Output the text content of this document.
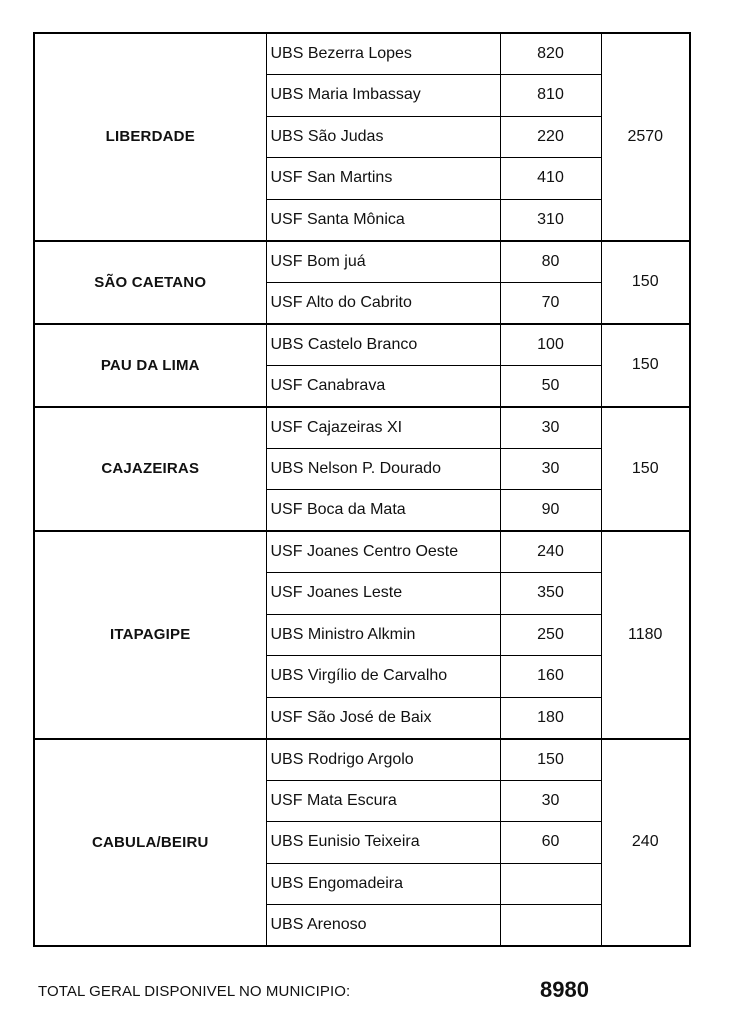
LIBERDADE	UBS Bezerra Lopes	820	2570
	UBS Maria Imbassay	810	
	UBS São Judas	220	
	USF San Martins	410	
	USF Santa Mônica	310	
SÃO CAETANO	USF Bom juá	80	150
	USF Alto do Cabrito	70	
PAU DA LIMA	UBS Castelo Branco	100	150
	USF Canabrava	50	
CAJAZEIRAS	USF Cajazeiras XI	30	150
	UBS Nelson P. Dourado	30	
	USF Boca da Mata	90	
ITAPAGIPE	USF Joanes Centro Oeste	240	1180
	USF Joanes Leste	350	
	UBS Ministro Alkmin	250	
	UBS Virgílio de Carvalho	160	
	USF São José de Baix	180	
CABULA/BEIRU	UBS Rodrigo Argolo	150	240
	USF Mata Escura	30	
	UBS Eunisio Teixeira	60	
	UBS Engomadeira		
	UBS Arenoso		
TOTAL GERAL DISPONIVEL NO MUNICIPIO:	8980
